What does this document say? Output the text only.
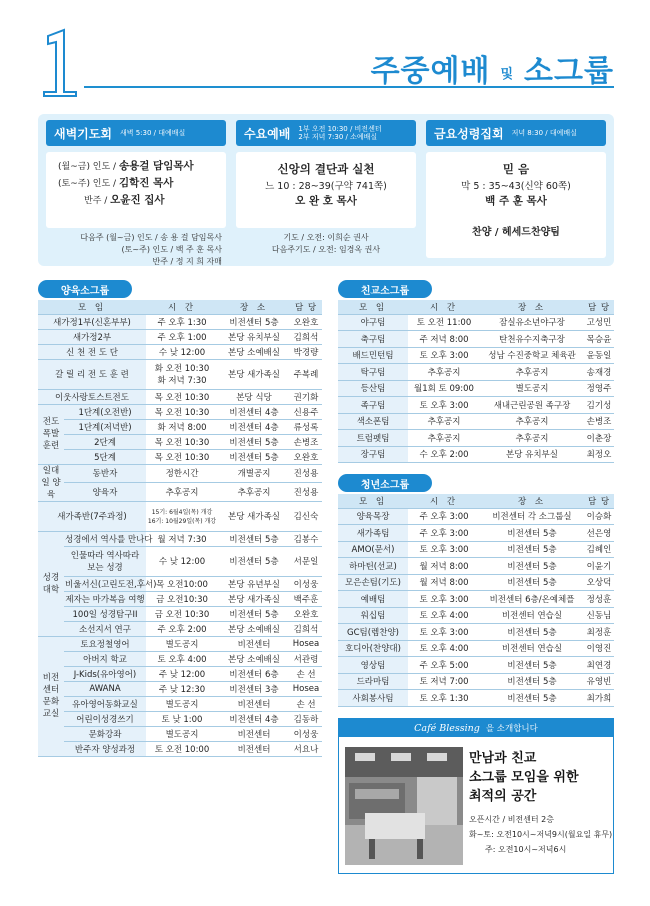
주중예배 및 소그룹
새벽기도회 새벽 5:30 / 대예배실
(월~금) 인도 / 송용걸 담임목사
(토~주) 인도 / 김학진 목사
반주 / 오윤진 집사
다음주 (월~금) 인도 / 송 용 걸 담임목사
(토~주) 인도 / 백 주 훈 목사
반주 / 정 지 희 자매
수요예배 1부 오전 10:30 / 비전센터
2부 저녁 7:30 / 소예배실
신앙의 결단과 실천
느 10 : 28~39(구약 741쪽)
오 완 호 목사
기도 / 오전: 이희순 권사
다음주기도 / 오전: 임경옥 권사
금요성령집회 저녁 8:30 / 대예배실
믿 음
막 5 : 35~43(신약 60쪽)
백 주 훈 목사
찬양 / 헤세드찬양팀
양육소그룹	친교소그룹
청년소그룹
모 임		시 간	장 소	담 당
새가정1부(신혼부부)		주 오후 1:30	비전센터 5층	오완호
새가정2부		주 오후 1:00	본당 유치부실	김희석
신 천 전 도 단		수 낮 12:00	본당 소예배실	박경량
갈 릴 리 전 도 훈 련		화 오전 10:30
화 저녁 7:30	본당 새가족실	주복례
이웃사랑토스트전도		목 오전 10:30	본당 식당	권기화
전도 폭발 훈련	1단계(오전반)	목 오전 10:30	비전센터 4층	신용주
	1단계(저녁반)	화 저녁 8:00	비전센터 4층	류성록
	2단계	목 오전 10:30	비전센터 5층	손병조
	5단계	목 오전 10:30	비전센터 5층	오완호
일대일 양육	동반자	정한시간	개별공지	진성용
	양육자	추후공지	추후공지	진성용
새가족반(7주과정)		15기: 6월4일(목) 개강
16기: 10월29일(목) 개강	본당 새가족실	김신숙
성경 대학	성경에서 역사를 만나다	월 저녁 7:30	비전센터 5층	김봉수

	인물따라 역사따라
보는 성경	수 낮 12:00	비전센터 5층	서문일
	비울서신(고린도전,후서)	목 오전10:00	본당 유년부실	이성웅
	제자는 마가복음 여행	금 오전10:30	본당 새가족실	백주훈
	100일 성경탐구II	금 오전 10:30	비전센터 5층	오완호
	소선지서 연구	주 오후 2:00	본당 소예배실	김희석
비전 센터 문화 교실	토요정철영어	별도공지	비전센터	Hosea
	아버지 학교	토 오후 4:00	본당 소예배실	서관령
	J-Kids(유아영어)	주 낮 12:00	비전센터 6층	손 선
	AWANA	주 낮 12:30	비전센터 3층	Hosea
	유아영어동화교실	별도공지	비전센터	손 선
	어린이성경쓰기	토 낮 1:00	비전센터 4층	김동하
	문화강좌	별도공지	비전센터	이성웅
	반주자 양성과정	토 오전 10:00	비전센터	서요나
모 임	시 간	장 소	담 당
야구팀	토 오전 11:00	잠실유소년야구장	고성민
축구팀	주 저녁 8:00	탄천유수지축구장	목승윤
배드민턴팀	토 오후 3:00	성남 수진중학교 체육관	윤동일
탁구팀	추후공지	추후공지	송재경
등산팀	월1회 토 09:00	별도공지	정영주
족구팀	토 오후 3:00	새내근린공원 족구장	김기성
색소폰팀	추후공지	추후공지	손병조
트럼펫팀	추후공지	추후공지	이춘장
장구팀	수 오후 2:00	본당 유치부실	최정오
모 임	시 간	장 소	담 당
양육목장	주 오후 3:00	비전센터 각 소그룹실	이승화
새가족팀	주 오후 3:00	비전센터 5층	선은영
AMO(문서)	토 오후 3:00	비전센터 5층	김혜인
하마틴(선교)	월 저녁 8:00	비전센터 5층	이윤기
모은손팀(기도)	월 저녁 8:00	비전센터 5층	오상덕
예배팀	토 오후 3:00	비전센터 6층/온예체플	정성훈
워십팀	토 오후 4:00	비전센터 연습실	신동님
GC팀(렘찬양)	토 오후 3:00	비전센터 5층	최정훈
호디아(찬양대)	토 오후 4:00	비전센터 연습실	이영진
영상팀	주 오후 5:00	비전센터 5층	최연경
드라마팀	토 저녁 7:00	비전센터 5층	유영빈
사회봉사팀	토 오후 1:30	비전센터 5층	최가희
Café Blessing 을 소개합니다
만남과 친교
소그룹 모임을 위한
최적의 공간
오픈시간 / 비전센터 2층
화~토: 오전10시~저녁9시(월요일 휴무)
주: 오전10시~저녁6시
